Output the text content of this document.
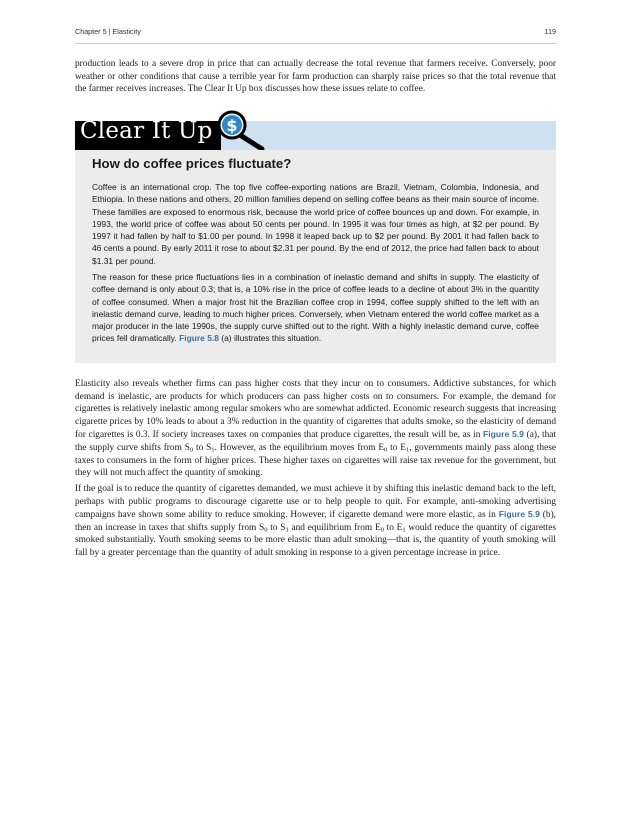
Chapter 5 | Elasticity	119

production leads to a severe drop in price that can actually decrease the total revenue that farmers receive. Conversely, poor weather or other conditions that cause a terrible year for farm production can sharply raise prices so that the total revenue that the farmer receives increases. The Clear It Up box discusses how these issues relate to coffee.

Clear It Up $
How do coffee prices fluctuate?

Coffee is an international crop. The top five coffee-exporting nations are Brazil, Vietnam, Colombia, Indonesia, and Ethiopia. In these nations and others, 20 million families depend on selling coffee beans as their main source of income. These families are exposed to enormous risk, because the world price of coffee bounces up and down. For example, in 1993, the world price of coffee was about 50 cents per pound. In 1995 it was four times as high, at $2 per pound. By 1997 it had fallen by half to $1.00 per pound. In 1998 it leaped back up to $2 per pound. By 2001 it had fallen back to 46 cents a pound. By early 2011 it rose to about $2.31 per pound. By the end of 2012, the price had fallen back to about $1.31 per pound.

The reason for these price fluctuations lies in a combination of inelastic demand and shifts in supply. The elasticity of coffee demand is only about 0.3; that is, a 10% rise in the price of coffee leads to a decline of about 3% in the quantity of coffee consumed. When a major frost hit the Brazilian coffee crop in 1994, coffee supply shifted to the left with an inelastic demand curve, leading to much higher prices. Conversely, when Vietnam entered the world coffee market as a major producer in the late 1990s, the supply curve shifted out to the right. With a highly inelastic demand curve, coffee prices fell dramatically. Figure 5.8 (a) illustrates this situation.

Elasticity also reveals whether firms can pass higher costs that they incur on to consumers. Addictive substances, for which demand is inelastic, are products for which producers can pass higher costs on to consumers. For example, the demand for cigarettes is relatively inelastic among regular smokers who are somewhat addicted. Economic research suggests that increasing cigarette prices by 10% leads to about a 3% reduction in the quantity of cigarettes that adults smoke, so the elasticity of demand for cigarettes is 0.3. If society increases taxes on companies that produce cigarettes, the result will be, as in Figure 5.9 (a), that the supply curve shifts from $S_0$ to $S_1$. However, as the equilibrium moves from $E_0$ to $E_1$, governments mainly pass along these taxes to consumers in the form of higher prices. These higher taxes on cigarettes will raise tax revenue for the government, but they will not much affect the quantity of smoking.

If the goal is to reduce the quantity of cigarettes demanded, we must achieve it by shifting this inelastic demand back to the left, perhaps with public programs to discourage cigarette use or to help people to quit. For example, anti-smoking advertising campaigns have shown some ability to reduce smoking. However, if cigarette demand were more elastic, as in Figure 5.9 (b), then an increase in taxes that shifts supply from $S_0$ to $S_1$ and equilibrium from $E_0$ to $E_1$ would reduce the quantity of cigarettes smoked substantially. Youth smoking seems to be more elastic than adult smoking—that is, the quantity of youth smoking will fall by a greater percentage than the quantity of adult smoking in response to a given percentage increase in price.
